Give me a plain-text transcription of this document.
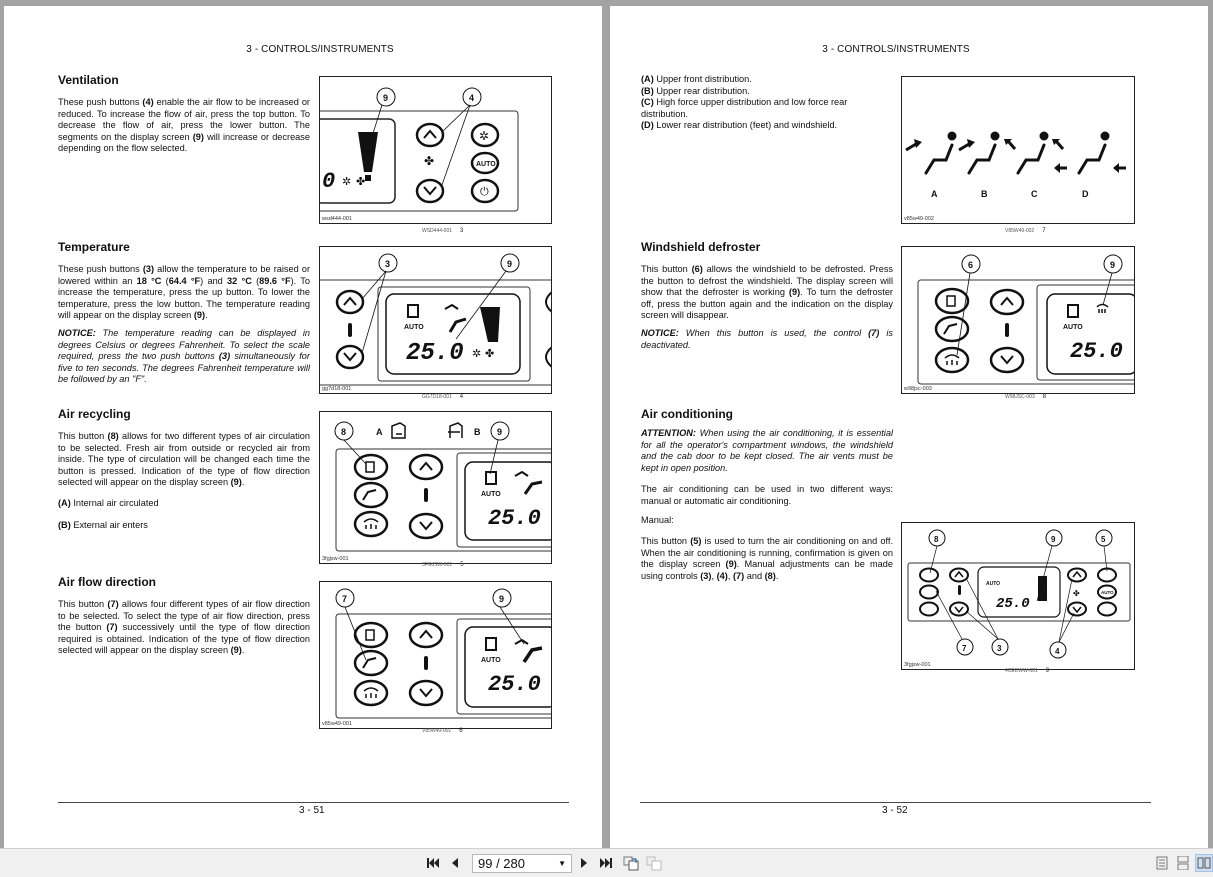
3 - CONTROLS/INSTRUMENTS
Ventilation
These push buttons (4) enable the air flow to be increased or reduced. To increase the flow of air, press the top button. To decrease the flow of air, press the lower button. The segments on the display screen (9) will increase or decrease depending on the flow selected.
Temperature
These push buttons (3) allow the temperature to be raised or lowered within an 18 °C (64.4 °F) and 32 °C (89.6 °F). To increase the temperature, press the up button. To lower the temperature, press the low button. The temperature reading will appear on the display screen (9).
NOTICE: The temperature reading can be displayed in degrees Celsius or degrees Fahrenheit. To select the scale required, press the two push buttons (3) simultaneously for five to ten seconds. The degrees Fahrenheit temperature will be followed by an "F".
Air recycling
This button (8) allows for two different types of air circulation to be selected. Fresh air from outside or recycled air from inside. The type of circulation will be changed each time the button is pressed. Indication of the type of flow direction selected will appear on the display screen (9).
(A) Internal air circulated
(B) External air enters
Air flow direction
This button (7) allows four different types of air flow direction to be selected. To select the type of air flow direction, press the button (7) successively until the type of flow direction required is obtained. Indication of the type of flow direction selected will appear on the display screen (9).
0 ✲ ✤
✤
✲
AUTO
⏻
9	4
wsd444-001
WSD444-001 3
AUTO
25.0 ✲ ✤
3	9
gg7d18-001
GG7D18-001 4
8	A	B 9
AUTO
25.0
3fgjsw-001
3FGJSW-001 5
7	9
AUTO
25.0
v85w49-001
V85W49-001 6
3 - 51
3 - CONTROLS/INSTRUMENTS
(A) Upper front distribution.
(B) Upper rear distribution.
(C) High force upper distribution and low force rear distribution.
(D) Lower rear distribution (feet) and windshield.
Windshield defroster
This button (6) allows the windshield to be defrosted. Press the button to defrost the windshield. The display screen will show that the defroster is working (9). To turn the defroster off, press the button again and the indication on the display screen will disappear.
NOTICE: When this button is used, the control (7) is deactivated.
Air conditioning
ATTENTION: When using the air conditioning, it is essential for all the operator's compartment windows, the windshield and the cab door to be kept closed. The air vents must be kept in open position.
The air conditioning can be used in two different ways: manual or automatic air conditioning.
Manual:
This button (5) is used to turn the air conditioning on and off. When the air conditioning is running, confirmation is given on the display screen (9). Manual adjustments can be made using controls (3), (4), (7) and (8).
A	B	C	D
v85w49-002
V85W49-002 7
6	9
AUTO
25.0
w98jsc-003
W98JSC-003 8
8	9	5
AUTO
25.0
✤	AUTO
7	3	4
3fgjsw-001
4CEDWW-001 9
3 - 52
99 / 280	▼
